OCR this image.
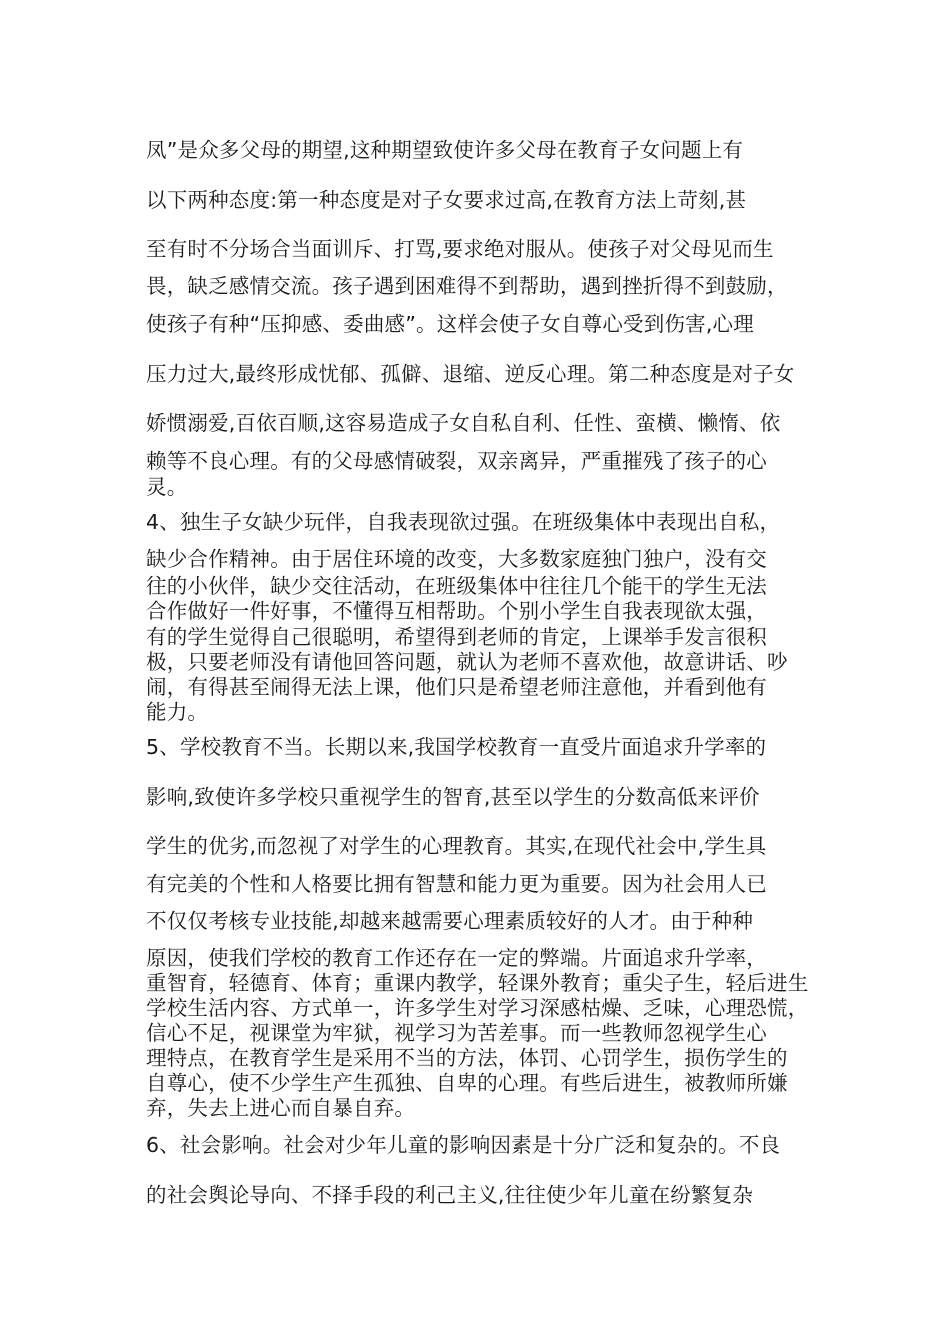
凤”是众多父母的期望,这种期望致使许多父母在教育子女问题上有
以下两种态度:第一种态度是对子女要求过高,在教育方法上苛刻,甚
至有时不分场合当面训斥、打骂,要求绝对服从。使孩子对父母见而生
畏，缺乏感情交流。孩子遇到困难得不到帮助，遇到挫折得不到鼓励，
使孩子有种“压抑感、委曲感”。这样会使子女自尊心受到伤害,心理
压力过大,最终形成忧郁、孤僻、退缩、逆反心理。第二种态度是对子女
娇惯溺爱,百依百顺,这容易造成子女自私自利、任性、蛮横、懒惰、依
赖等不良心理。有的父母感情破裂，双亲离异，严重摧残了孩子的心
灵。
4、独生子女缺少玩伴，自我表现欲过强。在班级集体中表现出自私，
缺少合作精神。由于居住环境的改变，大多数家庭独门独户，没有交
往的小伙伴，缺少交往活动，在班级集体中往往几个能干的学生无法
合作做好一件好事，不懂得互相帮助。个别小学生自我表现欲太强，
有的学生觉得自己很聪明，希望得到老师的肯定，上课举手发言很积
极，只要老师没有请他回答问题，就认为老师不喜欢他，故意讲话、吵
闹，有得甚至闹得无法上课，他们只是希望老师注意他，并看到他有
能力。
5、学校教育不当。长期以来,我国学校教育一直受片面追求升学率的
影响,致使许多学校只重视学生的智育,甚至以学生的分数高低来评价
学生的优劣,而忽视了对学生的心理教育。其实,在现代社会中,学生具
有完美的个性和人格要比拥有智慧和能力更为重要。因为社会用人已
不仅仅考核专业技能,却越来越需要心理素质较好的人才。由于种种
原因，使我们学校的教育工作还存在一定的弊端。片面追求升学率，
重智育，轻德育、体育；重课内教学，轻课外教育；重尖子生，轻后进生
学校生活内容、方式单一，许多学生对学习深感枯燥、乏味，心理恐慌，
信心不足，视课堂为牢狱，视学习为苦差事。而一些教师忽视学生心
理特点，在教育学生是采用不当的方法，体罚、心罚学生，损伤学生的
自尊心，使不少学生产生孤独、自卑的心理。有些后进生，被教师所嫌
弃，失去上进心而自暴自弃。
6、社会影响。社会对少年儿童的影响因素是十分广泛和复杂的。不良
的社会舆论导向、不择手段的利己主义,往往使少年儿童在纷繁复杂
